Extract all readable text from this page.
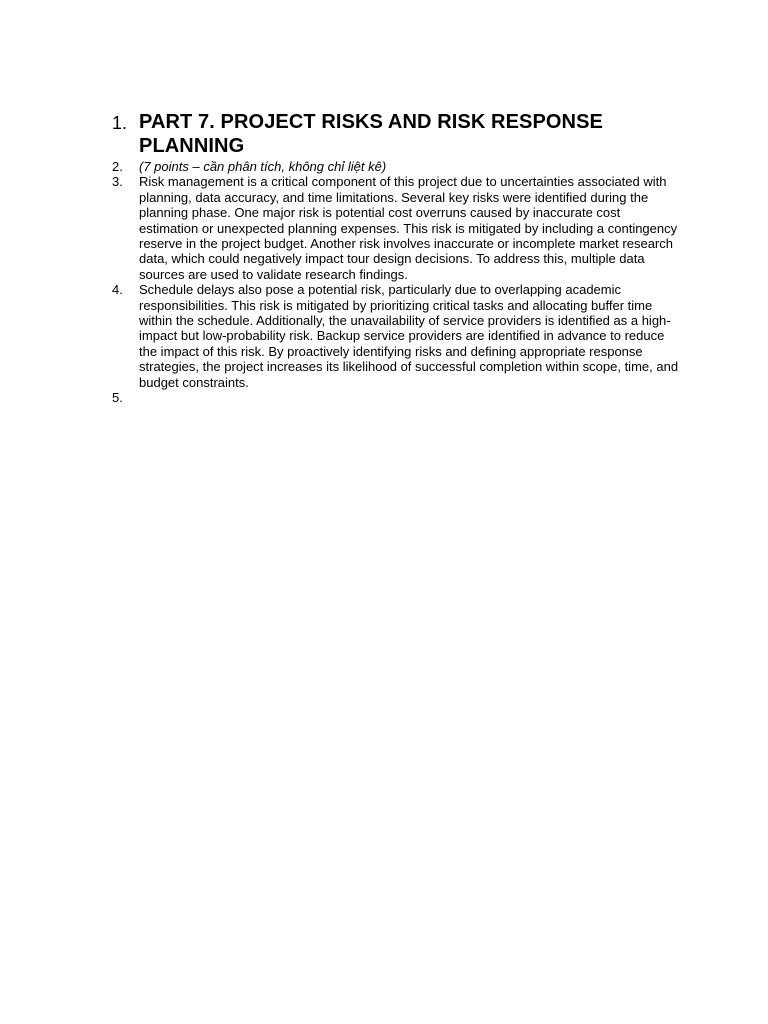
1. PART 7. PROJECT RISKS AND RISK RESPONSE PLANNING
2.	(7 points – cần phân tích, không chỉ liệt kê)
3.	Risk management is a critical component of this project due to uncertainties associated with planning, data accuracy, and time limitations. Several key risks were identified during the planning phase. One major risk is potential cost overruns caused by inaccurate cost estimation or unexpected planning expenses. This risk is mitigated by including a contingency reserve in the project budget. Another risk involves inaccurate or incomplete market research data, which could negatively impact tour design decisions. To address this, multiple data sources are used to validate research findings.
4.	Schedule delays also pose a potential risk, particularly due to overlapping academic responsibilities. This risk is mitigated by prioritizing critical tasks and allocating buffer time within the schedule. Additionally, the unavailability of service providers is identified as a high-impact but low-probability risk. Backup service providers are identified in advance to reduce the impact of this risk. By proactively identifying risks and defining appropriate response strategies, the project increases its likelihood of successful completion within scope, time, and budget constraints.
5.
